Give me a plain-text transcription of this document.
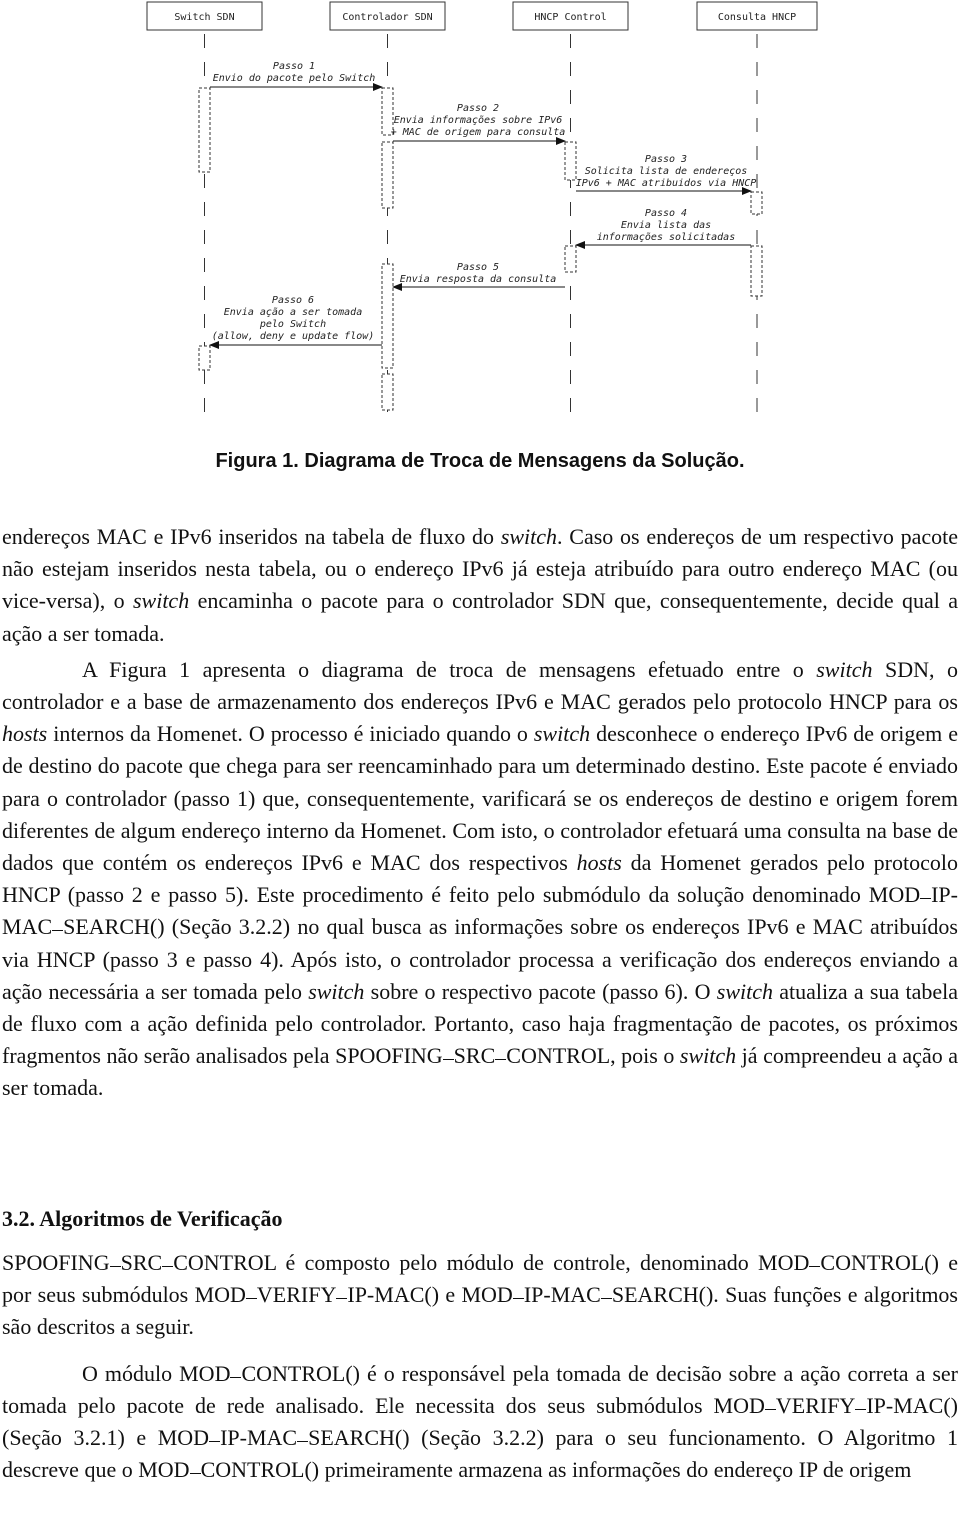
Switch SDN	Controlador SDN	HNCP Control	Consulta HNCP
Passo 1
Envio do pacote pelo Switch
Passo 2
Envia informações sobre IPv6
+ MAC de origem para consulta
Passo 3
Solicita lista de endereços
IPv6 + MAC atribuidos via HNCP
Passo 4
Envia lista das
informações solicitadas
Passo 5
Envia resposta da consulta
Passo 6
Envia ação a ser tomada
pelo Switch
(allow, deny e update flow)
Figura 1. Diagrama de Troca de Mensagens da Solução.

endereços MAC e IPv6 inseridos na tabela de fluxo do switch. Caso os endereços de um respectivo pacote não estejam inseridos nesta tabela, ou o endereço IPv6 já esteja atribuído para outro endereço MAC (ou vice-versa), o switch encaminha o pacote para o controlador SDN que, consequentemente, decide qual a ação a ser tomada.

A Figura 1 apresenta o diagrama de troca de mensagens efetuado entre o switch SDN, o controlador e a base de armazenamento dos endereços IPv6 e MAC gerados pelo protocolo HNCP para os hosts internos da Homenet. O processo é iniciado quando o switch desconhece o endereço IPv6 de origem e de destino do pacote que chega para ser reencaminhado para um determinado destino. Este pacote é enviado para o controlador (passo 1) que, consequentemente, varificará se os endereços de destino e origem forem diferentes de algum endereço interno da Homenet. Com isto, o controlador efetuará uma consulta na base de dados que contém os endereços IPv6 e MAC dos respectivos hosts da Homenet gerados pelo protocolo HNCP (passo 2 e passo 5). Este procedimento é feito pelo submódulo da solução denominado MOD IP-MAC SEARCH() (Seção 3.2.2) no qual busca as informações sobre os endereços IPv6 e MAC atribuídos via HNCP (passo 3 e passo 4). Após isto, o controlador processa a verificação dos endereços enviando a ação necessária a ser tomada pelo switch sobre o respectivo pacote (passo 6). O switch atualiza a sua tabela de fluxo com a ação definida pelo controlador. Portanto, caso haja fragmentação de pacotes, os próximos fragmentos não serão analisados pela SPOOFING SRC CONTROL, pois o switch já compreendeu a ação a ser tomada.

3.2. Algoritmos de Verificação

SPOOFING SRC CONTROL é composto pelo módulo de controle, denominado MOD CONTROL() e por seus submódulos MOD VERIFY IP-MAC() e MOD IP-MAC SEARCH(). Suas funções e algoritmos são descritos a seguir.

O módulo MOD CONTROL() é o responsável pela tomada de decisão sobre a ação correta a ser tomada pelo pacote de rede analisado. Ele necessita dos seus submódulos MOD VERIFY IP-MAC() (Seção 3.2.1) e MOD IP-MAC SEARCH() (Seção 3.2.2) para o seu funcionamento. O Algoritmo 1 descreve que o MOD CONTROL() primeiramente armazena as informações do endereço IP de origem
